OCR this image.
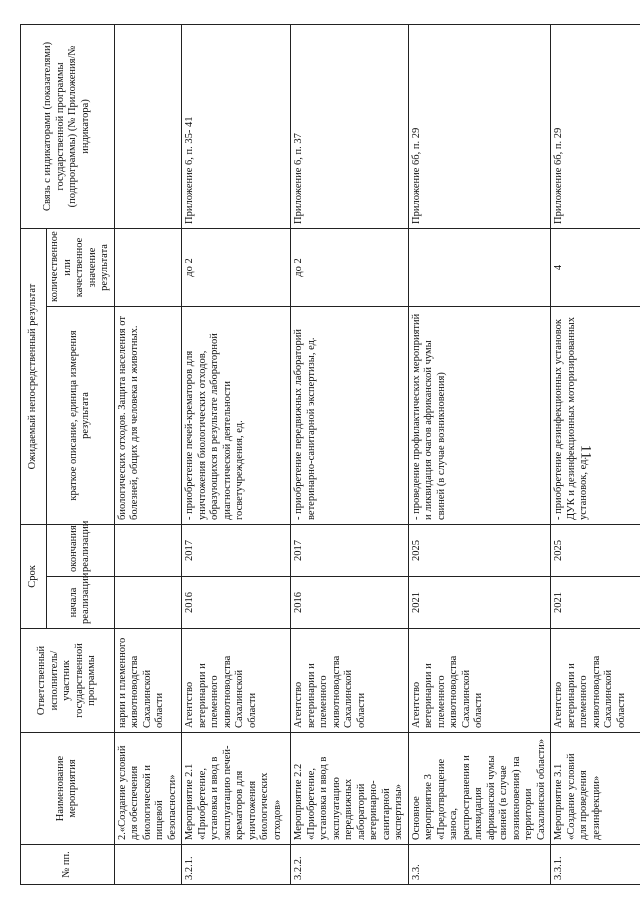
11
№ пп.	Наименование мероприятия	Ответственный исполнитель/участник государственной программы	Срок		Ожидаемый непосредственный результат		Связь с индикаторами (показателями) государственной программы (подпрограммы) (№ Приложения/№ индикатора)
			начала реализации	окончания реализации	краткое описание, единица измерения результата	количественное или качественное значение результата	
	2.«Создание условий для обеспечения биологической и пищевой безопасности»	нарии и племенного животноводства Сахалинской области			биологических отходов. Защита населения от болезней, общих для человека и животных.		
3.2.1.	Мероприятие 2.1 «Приобретение, установка и ввод в эксплуатацию печей-крематоров для уничтожения биологических отходов»	Агентство ветеринарии и племенного животноводства Сахалинской области	2016	2017	- приобретение печей-крематоров для уничтожения биологических отходов, образующихся в результате лабораторной диагностической деятельности госветучреждения, ед.	до 2	Приложение 6, п. 35- 41
3.2.2.	Мероприятие 2.2 «Приобретение, установка и ввод в эксплуатацию передвижных лабораторий ветеринарно-санитарной экспертизы»	Агентство ветеринарии и племенного животноводства Сахалинской области	2016	2017	- приобретение передвижных лабораторий ветеринарно-санитарной экспертизы, ед.	до 2	Приложение 6, п. 37
3.3.	Основное мероприятие 3 «Предотвращение заноса, распространения и ликвидация африканской чумы свиней (в случае возникновения) на территории Сахалинской области»	Агентство ветеринарии и племенного животноводства Сахалинской области	2021	2025	- проведение профилактических мероприятий и ликвидация очагов африканской чумы свиней (в случае возникновения)		Приложение 6б, п. 29
3.3.1.	Мероприятие 3.1 «Создание условий для проведения дезинфекции»	Агентство ветеринарии и племенного животноводства Сахалинской области	2021	2025	- приобретение дезинфекционных установок ДУК и дезинфекционных моторизированных установок, ед.	4	Приложение 6б, п. 29
